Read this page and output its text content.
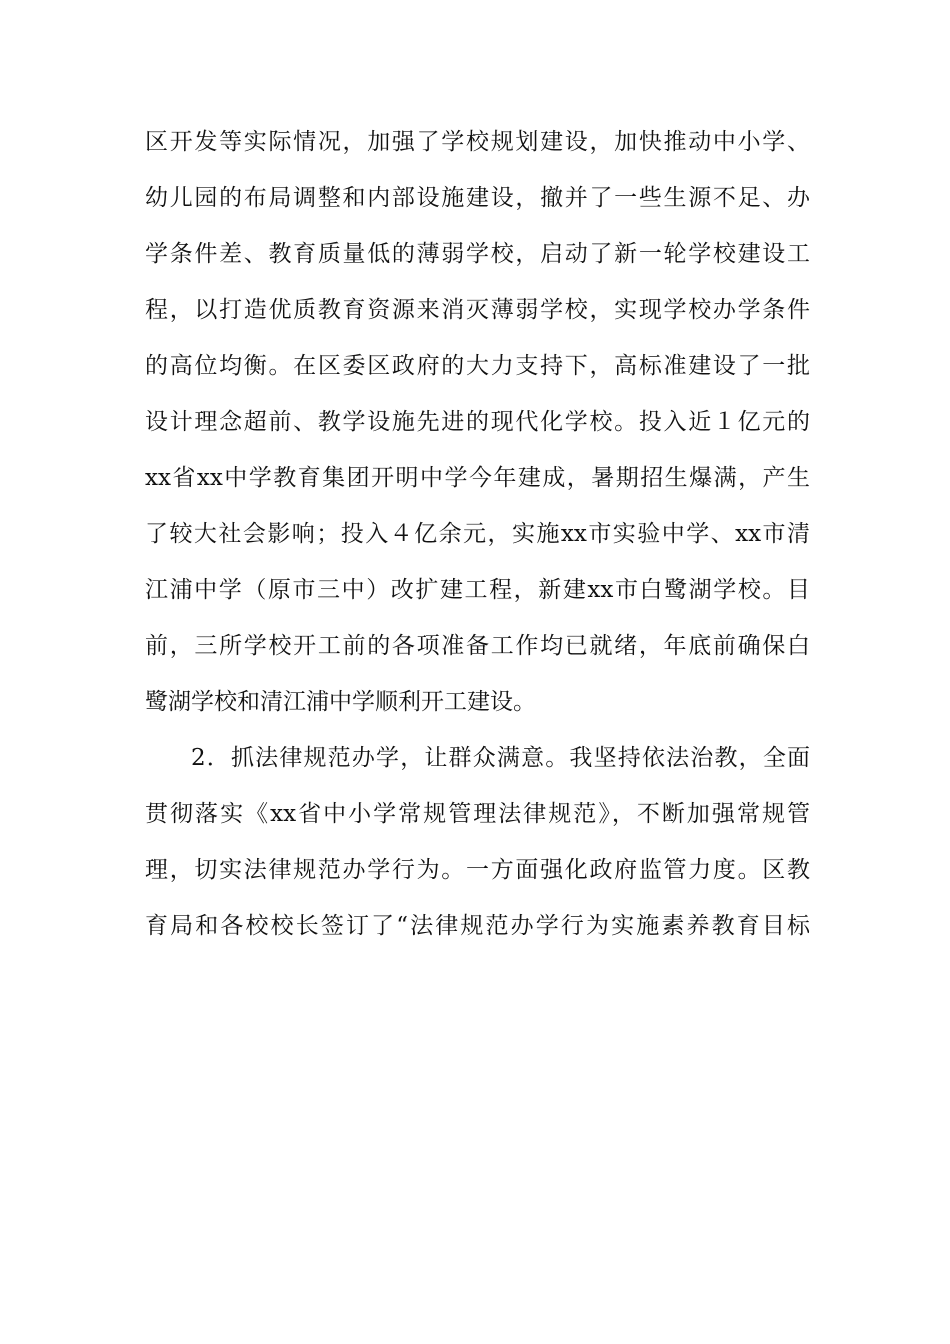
区开发等实际情况，加强了学校规划建设，加快推动中小学、
幼儿园的布局调整和内部设施建设，撤并了一些生源不足、办
学条件差、教育质量低的薄弱学校，启动了新一轮学校建设工
程，以打造优质教育资源来消灭薄弱学校，实现学校办学条件
的高位均衡。在区委区政府的大力支持下，高标准建设了一批
设计理念超前、教学设施先进的现代化学校。投入近１亿元的
xx省xx中学教育集团开明中学今年建成，暑期招生爆满，产生
了较大社会影响；投入４亿余元，实施xx市实验中学、xx市清
江浦中学（原市三中）改扩建工程，新建xx市白鹭湖学校。目
前，三所学校开工前的各项准备工作均已就绪，年底前确保白
鹭湖学校和清江浦中学顺利开工建设。
2．抓法律规范办学，让群众满意。我坚持依法治教，全面
贯彻落实《xx省中小学常规管理法律规范》，不断加强常规管
理，切实法律规范办学行为。一方面强化政府监管力度。区教
育局和各校校长签订了“法律规范办学行为实施素养教育目标
